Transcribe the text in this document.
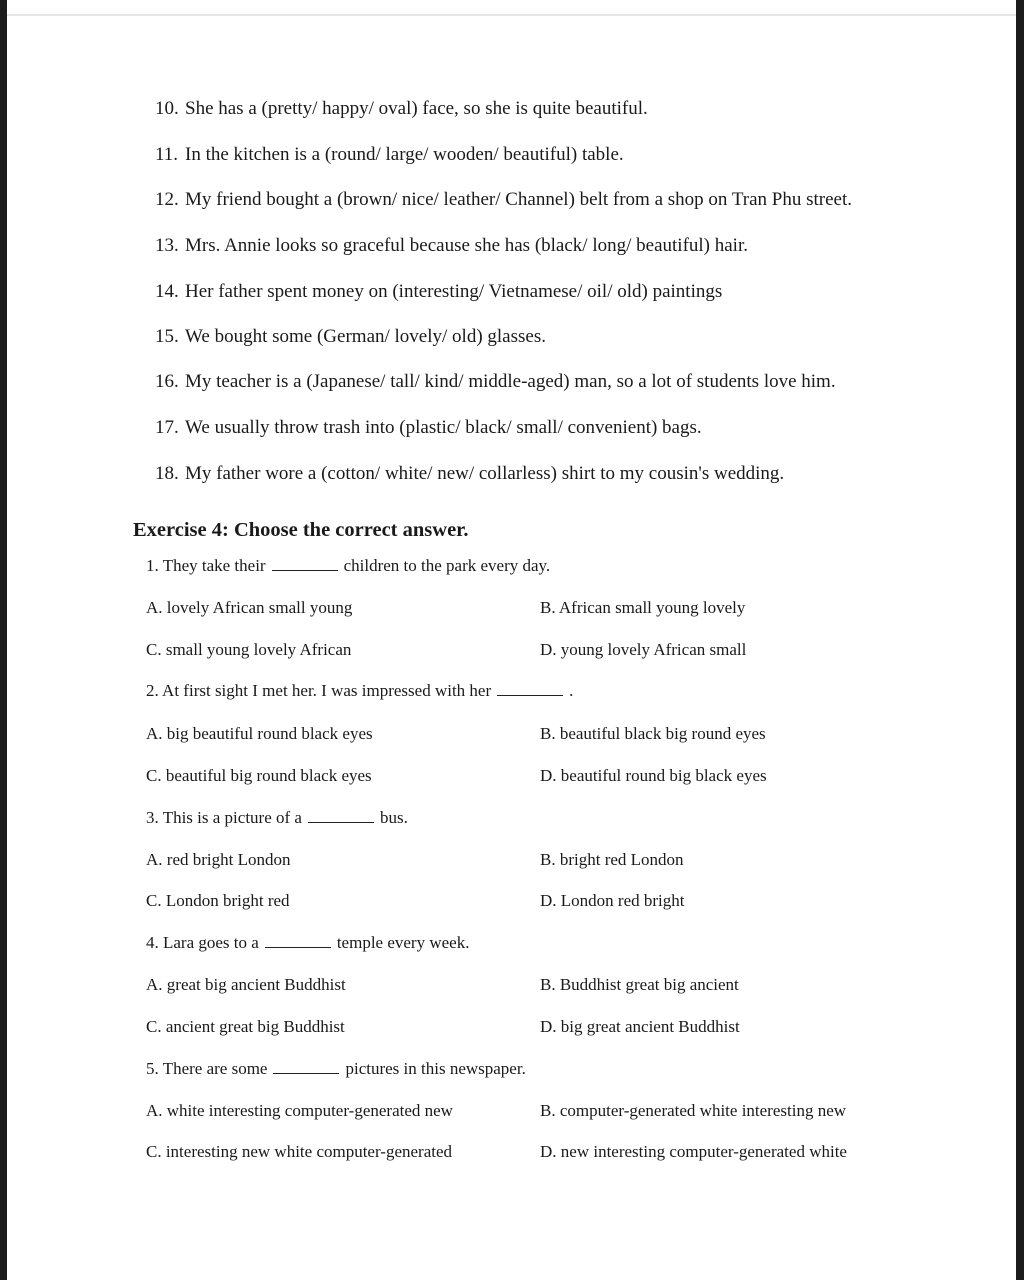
10. She has a (pretty/ happy/ oval) face, so she is quite beautiful.
11. In the kitchen is a (round/ large/ wooden/ beautiful) table.
12. My friend bought a (brown/ nice/ leather/ Channel) belt from a shop on Tran Phu street.
13. Mrs. Annie looks so graceful because she has (black/ long/ beautiful) hair.
14. Her father spent money on (interesting/ Vietnamese/ oil/ old) paintings
15. We bought some (German/ lovely/ old) glasses.
16. My teacher is a (Japanese/ tall/ kind/ middle-aged) man, so a lot of students love him.
17. We usually throw trash into (plastic/ black/ small/ convenient) bags.
18. My father wore a (cotton/ white/ new/ collarless) shirt to my cousin's wedding.
Exercise 4: Choose the correct answer.
1. They take their	children to the park every day.
A. lovely African small young	B. African small young lovely
C. small young lovely African	D. young lovely African small
2. At first sight I met her. I was impressed with her	.
A. big beautiful round black eyes	B. beautiful black big round eyes
C. beautiful big round black eyes	D. beautiful round big black eyes
3. This is a picture of a	bus.
A. red bright London	B. bright red London
C. London bright red	D. London red bright
4. Lara goes to a	temple every week.
A. great big ancient Buddhist	B. Buddhist great big ancient
C. ancient great big Buddhist	D. big great ancient Buddhist
5. There are some	pictures in this newspaper.
A. white interesting computer-generated new	B. computer-generated white interesting new
C. interesting new white computer-generated	D. new interesting computer-generated white
